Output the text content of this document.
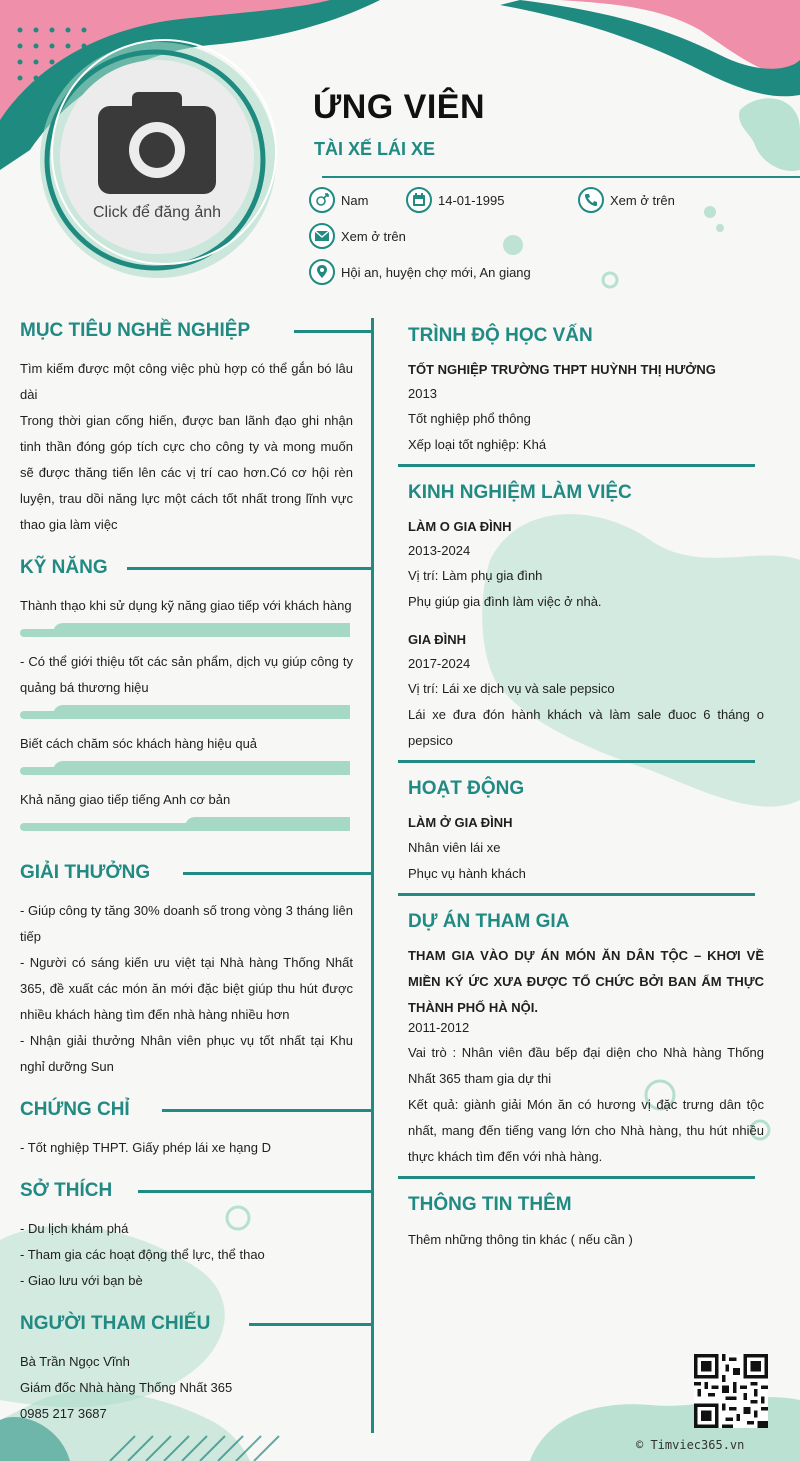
Click để đăng ảnh
ỨNG VIÊN
TÀI XẾ LÁI XE
Nam	14-01-1995	Xem ở trên
Xem ở trên
Hội an, huyện chợ mới, An giang
MỤC TIÊU NGHỀ NGHIỆP
Tìm kiếm được một công việc phù hợp có thể gắn bó lâu dài
Trong thời gian cống hiến, được ban lãnh đạo ghi nhận tinh thần đóng góp tích cực cho công ty và mong muốn sẽ được thăng tiến lên các vị trí cao hơn.Có cơ hội rèn luyện, trau dồi năng lực một cách tốt nhất trong lĩnh vực thao gia làm việc
KỸ NĂNG
Thành thạo khi sử dụng kỹ năng giao tiếp với khách hàng
- Có thể giới thiệu tốt các sản phẩm, dịch vụ giúp công ty quảng bá thương hiệu
Biết cách chăm sóc khách hàng hiệu quả
Khả năng giao tiếp tiếng Anh cơ bản
GIẢI THƯỞNG
- Giúp công ty tăng 30% doanh số trong vòng 3 tháng liên tiếp
- Người có sáng kiến ưu việt tại Nhà hàng Thống Nhất 365, đề xuất các món ăn mới đặc biệt giúp thu hút được nhiều khách hàng tìm đến nhà hàng nhiều hơn
- Nhận giải thưởng Nhân viên phục vụ tốt nhất tại Khu nghỉ dưỡng Sun
CHỨNG CHỈ
- Tốt nghiệp THPT. Giấy phép lái xe hạng D
SỞ THÍCH
- Du lịch khám phá
- Tham gia các hoạt động thể lực, thể thao
- Giao lưu với bạn bè
NGƯỜI THAM CHIẾU
Bà Trần Ngọc Vĩnh
Giám đốc Nhà hàng Thống Nhất 365
0985 217 3687
TRÌNH ĐỘ HỌC VẤN
TỐT NGHIỆP TRƯỜNG THPT HUỲNH THỊ HƯỞNG
2013
Tốt nghiệp phổ thông
Xếp loại tốt nghiệp: Khá
KINH NGHIỆM LÀM VIỆC
LÀM O GIA ĐÌNH
2013-2024
Vị trí: Làm phụ gia đình
Phụ giúp gia đình làm việc ở nhà.
GIA ĐÌNH
2017-2024
Vị trí: Lái xe dịch vụ và sale pepsico
Lái xe đưa đón hành khách và làm sale đuoc 6 tháng o pepsico
HOẠT ĐỘNG
LÀM Ở GIA ĐÌNH
Nhân viên lái xe
Phục vụ hành khách
DỰ ÁN THAM GIA
THAM GIA VÀO DỰ ÁN MÓN ĂN DÂN TỘC – KHƠI VỀ MIỀN KÝ ỨC XƯA ĐƯỢC TỔ CHỨC BỞI BAN ẨM THỰC THÀNH PHỐ HÀ NỘI.
2011-2012
Vai trò : Nhân viên đầu bếp đại diện cho Nhà hàng Thống Nhất 365 tham gia dự thi
Kết quả: giành giải Món ăn có hương vị đặc trưng dân tộc nhất, mang đến tiếng vang lớn cho Nhà hàng, thu hút nhiều thực khách tìm đến với nhà hàng.
THÔNG TIN THÊM
Thêm những thông tin khác ( nếu cần )
© Timviec365.vn
